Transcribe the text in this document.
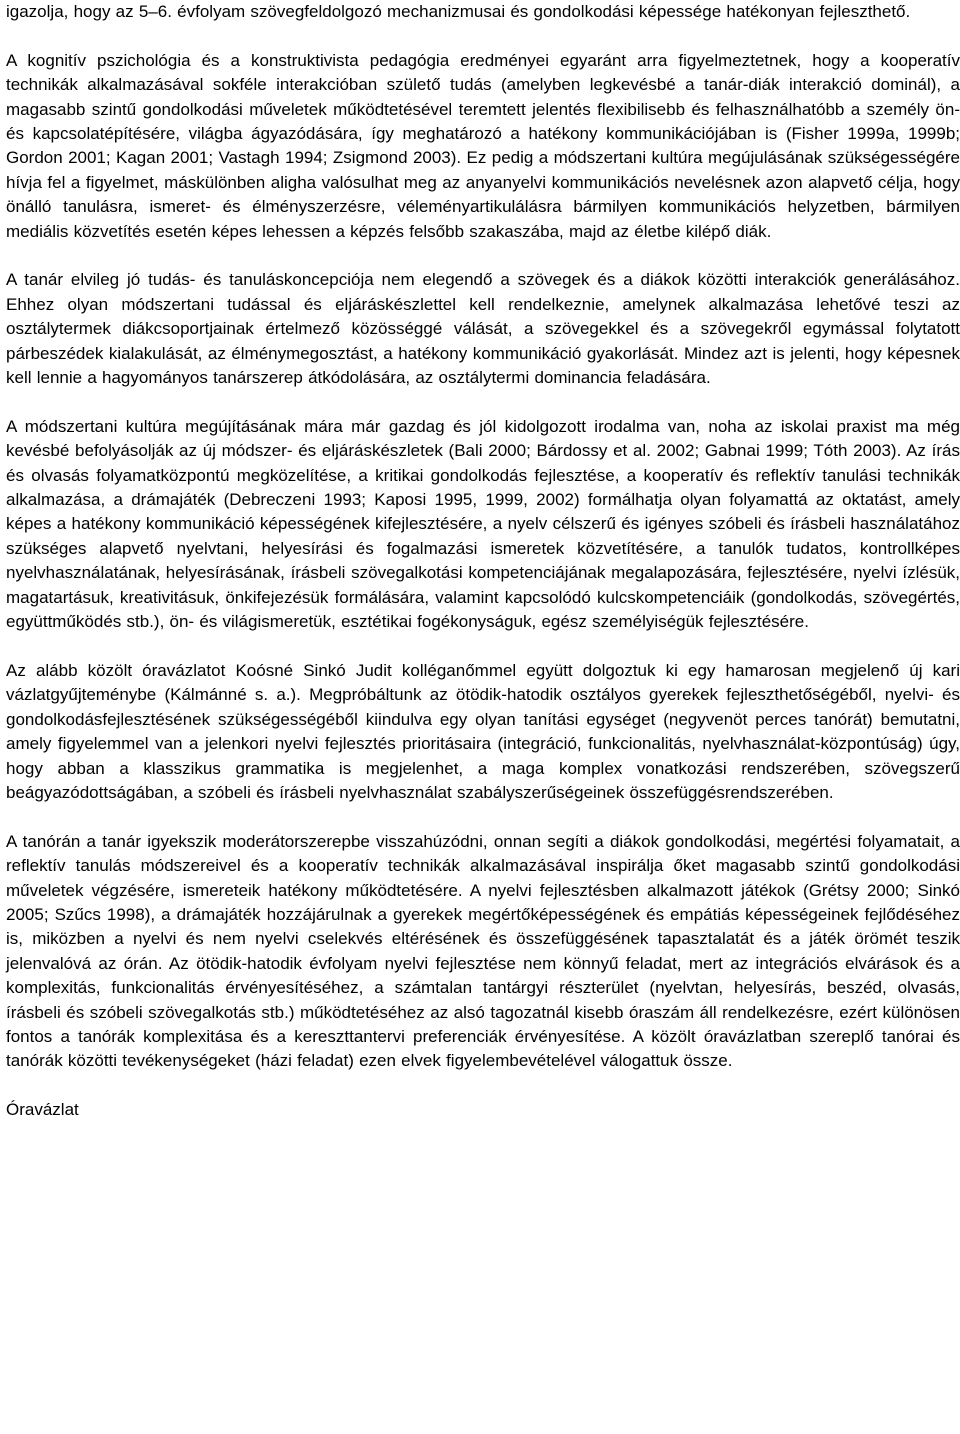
igazolja, hogy az 5–6. évfolyam szövegfeldolgozó mechanizmusai és gondolkodási képessége hatékonyan fejleszthető.

A kognitív pszichológia és a konstruktivista pedagógia eredményei egyaránt arra figyelmeztetnek, hogy a kooperatív technikák alkalmazásával sokféle interakcióban születő tudás (amelyben legkevésbé a tanár-diák interakció dominál), a magasabb szintű gondolkodási műveletek működtetésével teremtett jelentés flexibilisebb és felhasználhatóbb a személy ön- és kapcsolatépítésére, világba ágyazódására, így meghatározó a hatékony kommunikációjában is (Fisher 1999a, 1999b; Gordon 2001; Kagan 2001; Vastagh 1994; Zsigmond 2003). Ez pedig a módszertani kultúra megújulásának szükségességére hívja fel a figyelmet, máskülönben aligha valósulhat meg az anyanyelvi kommunikációs nevelésnek azon alapvető célja, hogy önálló tanulásra, ismeret- és élményszerzésre, véleményartikulálásra bármilyen kommunikációs helyzetben, bármilyen mediális közvetítés esetén képes lehessen a képzés felsőbb szakaszába, majd az életbe kilépő diák.

A tanár elvileg jó tudás- és tanuláskoncepciója nem elegendő a szövegek és a diákok közötti interakciók generálásához. Ehhez olyan módszertani tudással és eljáráskészlettel kell rendelkeznie, amelynek alkalmazása lehetővé teszi az osztálytermek diákcsoportjainak értelmező közösséggé válását, a szövegekkel és a szövegekről egymással folytatott párbeszédek kialakulását, az élménymegosztást, a hatékony kommunikáció gyakorlását. Mindez azt is jelenti, hogy képesnek kell lennie a hagyományos tanárszerep átkódolására, az osztálytermi dominancia feladására.

A módszertani kultúra megújításának mára már gazdag és jól kidolgozott irodalma van, noha az iskolai praxist ma még kevésbé befolyásolják az új módszer- és eljáráskészletek (Bali 2000; Bárdossy et al. 2002; Gabnai 1999; Tóth 2003). Az írás és olvasás folyamatközpontú megközelítése, a kritikai gondolkodás fejlesztése, a kooperatív és reflektív tanulási technikák alkalmazása, a drámajáték (Debreczeni 1993; Kaposi 1995, 1999, 2002) formálhatja olyan folyamattá az oktatást, amely képes a hatékony kommunikáció képességének kifejlesztésére, a nyelv célszerű és igényes szóbeli és írásbeli használatához szükséges alapvető nyelvtani, helyesírási és fogalmazási ismeretek közvetítésére, a tanulók tudatos, kontrollképes nyelvhasználatának, helyesírásának, írásbeli szövegalkotási kompetenciájának megalapozására, fejlesztésére, nyelvi ízlésük, magatartásuk, kreativitásuk, önkifejezésük formálására, valamint kapcsolódó kulcskompetenciáik (gondolkodás, szövegértés, együttműködés stb.), ön- és világismeretük, esztétikai fogékonyságuk, egész személyiségük fejlesztésére.

Az alább közölt óravázlatot Koósné Sinkó Judit kolléganőmmel együtt dolgoztuk ki egy hamarosan megjelenő új kari vázlatgyűjteménybe (Kálmánné s. a.). Megpróbáltunk az ötödik-hatodik osztályos gyerekek fejleszthetőségéből, nyelvi- és gondolkodásfejlesztésének szükségességéből kiindulva egy olyan tanítási egységet (negyvenöt perces tanórát) bemutatni, amely figyelemmel van a jelenkori nyelvi fejlesztés prioritásaira (integráció, funkcionalitás, nyelvhasználat-központúság) úgy, hogy abban a klasszikus grammatika is megjelenhet, a maga komplex vonatkozási rendszerében, szövegszerű beágyazódottságában, a szóbeli és írásbeli nyelvhasználat szabályszerűségeinek összefüggésrendszerében.

A tanórán a tanár igyekszik moderátorszerepbe visszahúzódni, onnan segíti a diákok gondolkodási, megértési folyamatait, a reflektív tanulás módszereivel és a kooperatív technikák alkalmazásával inspirálja őket magasabb szintű gondolkodási műveletek végzésére, ismereteik hatékony működtetésére. A nyelvi fejlesztésben alkalmazott játékok (Grétsy 2000; Sinkó 2005; Szűcs 1998), a drámajáték hozzájárulnak a gyerekek megértőképességének és empátiás képességeinek fejlődéséhez is, miközben a nyelvi és nem nyelvi cselekvés eltérésének és összefüggésének tapasztalatát és a játék örömét teszik jelenvalóvá az órán. Az ötödik-hatodik évfolyam nyelvi fejlesztése nem könnyű feladat, mert az integrációs elvárások és a komplexitás, funkcionalitás érvényesítéséhez, a számtalan tantárgyi részterület (nyelvtan, helyesírás, beszéd, olvasás, írásbeli és szóbeli szövegalkotás stb.) működtetéséhez az alsó tagozatnál kisebb óraszám áll rendelkezésre, ezért különösen fontos a tanórák komplexitása és a kereszttantervi preferenciák érvényesítése. A közölt óravázlatban szereplő tanórai és tanórák közötti tevékenységeket (házi feladat) ezen elvek figyelembevételével válogattuk össze.

Óravázlat
